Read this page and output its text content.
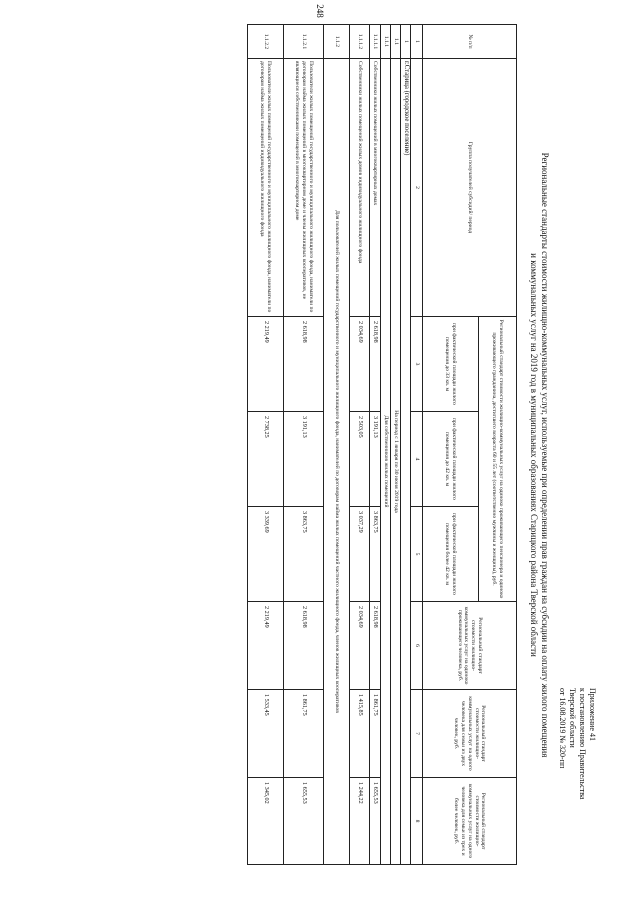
248
Приложение 41
к постановлению Правительства
Тверской области
от 16.08.2019 № 320-пп
Региональные стандарты стоимости жилищно-коммунальных услуг, используемые при определении прав граждан на субсидии на оплату жилого помещения
и коммунальных услуг на 2019 год в муниципальных образованиях Старицкого района Тверской области
№ п/п	Группа получателей субсидий/ период	Региональный стандарт стоимости жилищно-коммунальных услуг на одиноко проживающего пенсионера и одиноко проживающего гражданина, достигшего возраста 60 и 55 лет (соответственно мужчины и женщины), руб.			Региональный стандарт стоимости жилищно-коммунальных услуг на одиноко проживающего человека, руб.	Региональный стандарт стоимости жилищно-коммунальных услуг на одного человека для семьи из двух человек, руб.	Региональный стандарт стоимости жилищно-коммунальных услуг на одного человека для семьи из трех и более человек, руб.
		при фактической площади жилого помещения до 33 кв. м	при фактической площади жилого помещения до 42 кв. м	при фактической площади жилого помещения более 42 кв. м			
1	2	3	4	5	6	7	8
1	г.Старица (городское поселение)						
1.1	На период с 1 января по 30 июня 2019 года						
1.1.1	Для собственников жилых помещений						
1.1.1.1	Собственники жилых помещений в многоквартирных домах	2 618,98	3 191,13	3 863,75	2 618,98	1 861,75	1 655,53
1.1.1.2	Собственники жилых помещений жилых домов индивидуального жилищного фонда	2 034,69	2 503,05	3 037,29	2 034,69	1 415,85	1 244,22
1.1.2	Для пользователей жилых помещений государственного и муниципального жилищного фонда, нанимателей по договорам найма жилых помещений частного жилищного фонда, членов жилищных кооперативов						
1.1.2.1	Пользователи жилых помещений государственного и муниципального жилищного фонда, наниматели по договорам найма жилых помещений в многоквартирном доме и члены жилищных кооперативов, не являющиеся собственниками помещений в многоквартирном доме	2 618,98	3 191,13	3 863,75	2 618,98	1 861,75	1 655,53
1.1.2.2	Пользователи жилых помещений государственного и муниципального жилищного фонда, наниматели по договорам найма жилых помещений индивидуального жилищного фонда	2 219,49	2 738,25	3 339,69	2 219,49	1 533,45	1 345,02
